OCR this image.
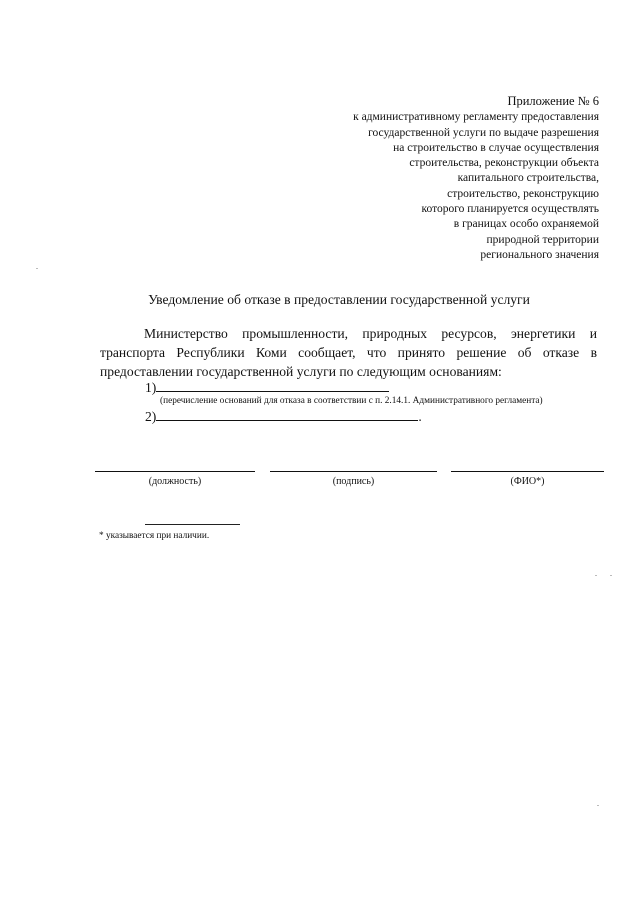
Приложение № 6
к административному регламенту предоставления
государственной услуги по выдаче разрешения
на строительство в случае осуществления
строительства, реконструкции объекта
капитального строительства,
строительство, реконструкцию
которого планируется осуществлять
в границах особо охраняемой
природной территории
регионального значения
Уведомление об отказе в предоставлении государственной услуги
Министерство промышленности, природных ресурсов, энергетики и
транспорта Республики Коми сообщает, что принято решение об отказе в
предоставлении государственной услуги по следующим основаниям:
1)
(перечисление оснований для отказа в соответствии с п. 2.14.1. Административного регламента)
2)	.
(должность)	(подпись)	(ФИО*)
* указывается при наличии.
